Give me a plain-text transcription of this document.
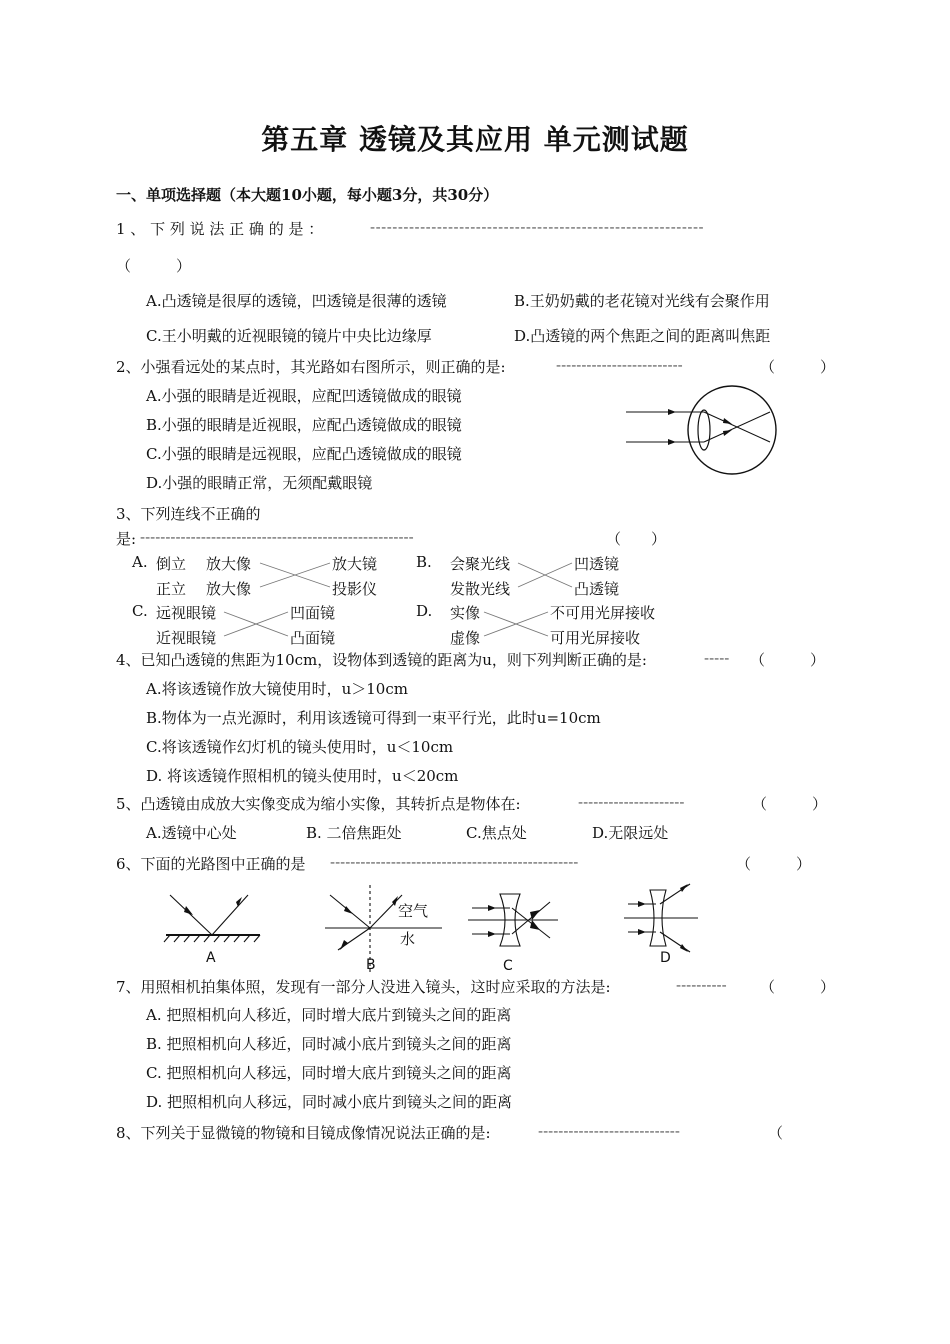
第五章 透镜及其应用 单元测试题
一、单项选择题（本大题10小题，每小题3分，共30分）
1 、 下 列 说 法 正 确 的 是 ：	------------------------------------------------------------
（　　　）
A.凸透镜是很厚的透镜，凹透镜是很薄的透镜	B.王奶奶戴的老花镜对光线有会聚作用
C.王小明戴的近视眼镜的镜片中央比边缘厚	D.凸透镜的两个焦距之间的距离叫焦距
2、小强看远处的某点时，其光路如右图所示，则正确的是:	-------------------------	（　　　）
A.小强的眼睛是近视眼，应配凹透镜做成的眼镜
B.小强的眼睛是近视眼，应配凸透镜做成的眼镜
C.小强的眼睛是远视眼，应配凸透镜做成的眼镜
D.小强的眼睛正常，无须配戴眼镜
3、下列连线不正确的
是: ------------------------------------------------------	（　　）
A. 倒立 放大像	放大镜
正立 放大像	投影仪
B. 会聚光线	凹透镜
发散光线	凸透镜
C. 远视眼镜	凹面镜
近视眼镜	凸面镜
D. 实像	不可用光屏接收
虚像	可用光屏接收
4、已知凸透镜的焦距为10cm，设物体到透镜的距离为u，则下列判断正确的是:	----- （　　　）
A.将该透镜作放大镜使用时，u＞10cm
B.物体为一点光源时，利用该透镜可得到一束平行光，此时u=10cm
C.将该透镜作幻灯机的镜头使用时，u＜10cm
D. 将该透镜作照相机的镜头使用时，u＜20cm
5、凸透镜由成放大实像变成为缩小实像，其转折点是物体在:	---------------------	（　　　）
A.透镜中心处	B. 二倍焦距处	C.焦点处	D.无限远处
6、下面的光路图中正确的是 -------------------------------------------------	（　　　）
A
空气
水
B	C	D
7、用照相机拍集体照，发现有一部分人没进入镜头，这时应采取的方法是:	---------- （　　　）
A. 把照相机向人移近，同时增大底片到镜头之间的距离
B. 把照相机向人移近，同时减小底片到镜头之间的距离
C. 把照相机向人移远，同时增大底片到镜头之间的距离
D. 把照相机向人移远，同时减小底片到镜头之间的距离
8、下列关于显微镜的物镜和目镜成像情况说法正确的是:	----------------------------	（
